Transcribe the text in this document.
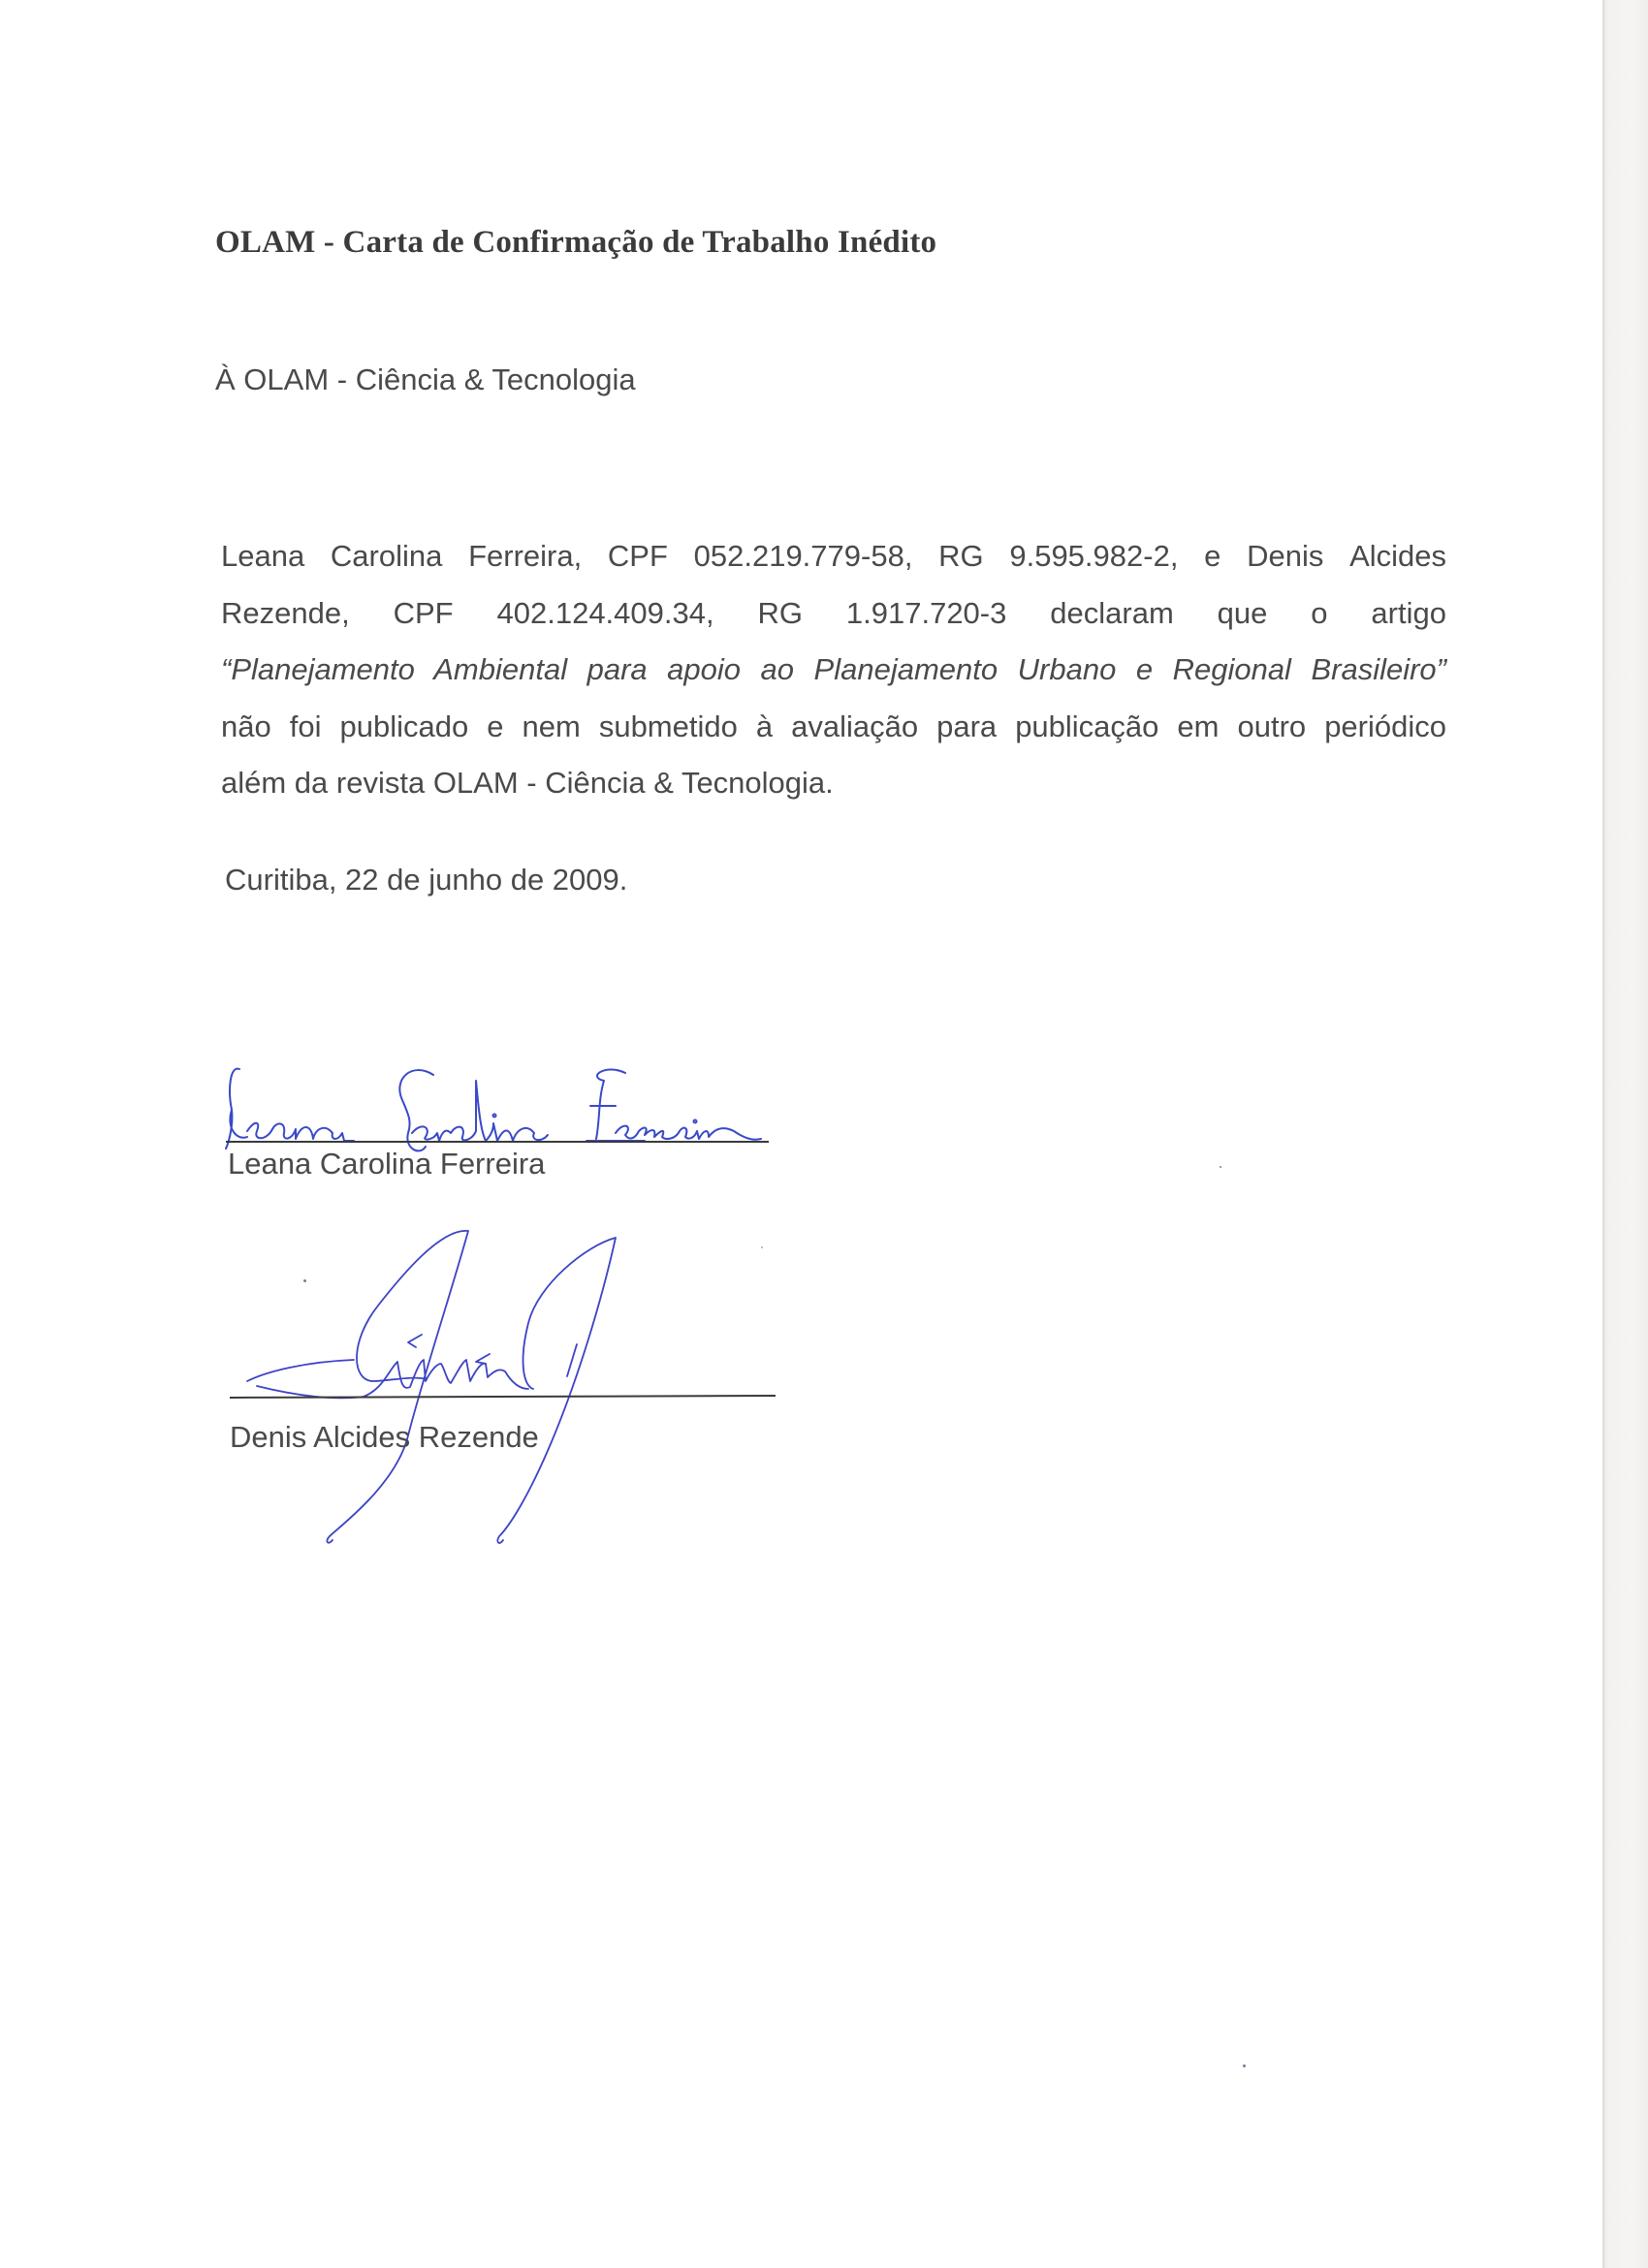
OLAM - Carta de Confirmação de Trabalho Inédito

À OLAM - Ciência & Tecnologia

Leana Carolina Ferreira, CPF 052.219.779-58, RG 9.595.982-2, e Denis Alcides
Rezende, CPF 402.124.409.34, RG 1.917.720-3 declaram que o artigo
“Planejamento Ambiental para apoio ao Planejamento Urbano e Regional Brasileiro”
não foi publicado e nem submetido à avaliação para publicação em outro periódico
além da revista OLAM - Ciência & Tecnologia.

Curitiba, 22 de junho de 2009.

Leana Carolina Ferreira
Denis Alcides Rezende
